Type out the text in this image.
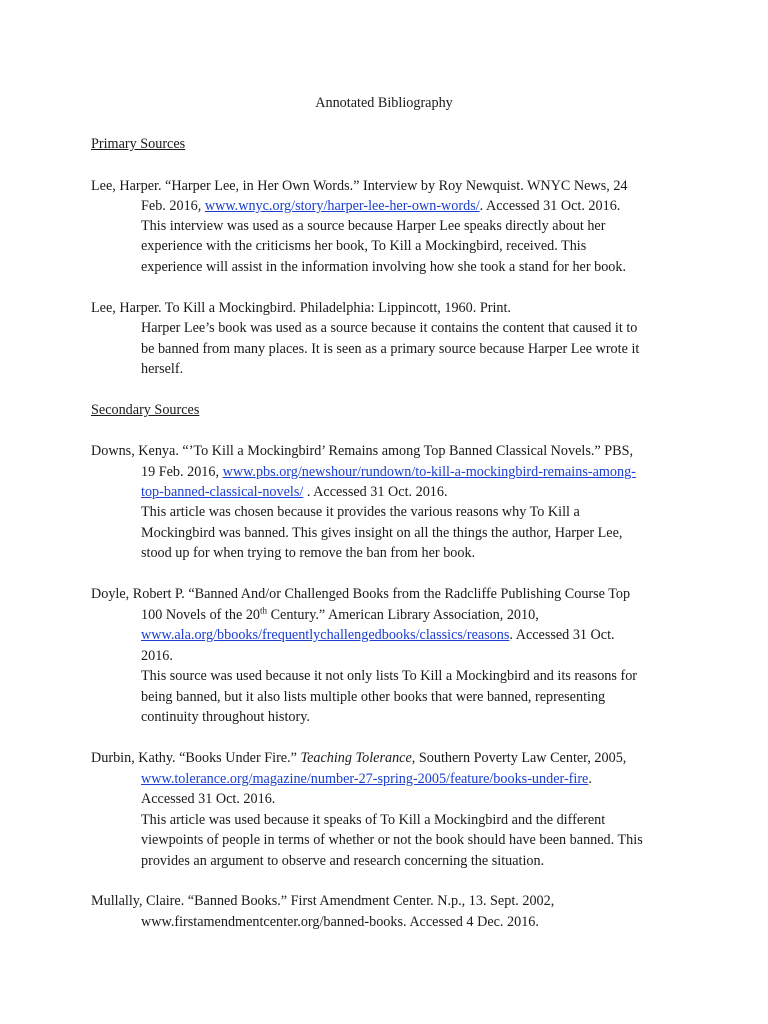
Annotated Bibliography
Primary Sources
Lee, Harper. “Harper Lee, in Her Own Words.” Interview by Roy Newquist. WNYC News, 24
Feb. 2016, www.wnyc.org/story/harper-lee-her-own-words/. Accessed 31 Oct. 2016.
This interview was used as a source because Harper Lee speaks directly about her
experience with the criticisms her book, To Kill a Mockingbird, received. This
experience will assist in the information involving how she took a stand for her book.
Lee, Harper. To Kill a Mockingbird. Philadelphia: Lippincott, 1960. Print.
Harper Lee’s book was used as a source because it contains the content that caused it to
be banned from many places. It is seen as a primary source because Harper Lee wrote it
herself.
Secondary Sources
Downs, Kenya. “’To Kill a Mockingbird’ Remains among Top Banned Classical Novels.” PBS,
19 Feb. 2016, www.pbs.org/newshour/rundown/to-kill-a-mockingbird-remains-among-
top-banned-classical-novels/ . Accessed 31 Oct. 2016.
This article was chosen because it provides the various reasons why To Kill a
Mockingbird was banned. This gives insight on all the things the author, Harper Lee,
stood up for when trying to remove the ban from her book.
Doyle, Robert P. “Banned And/or Challenged Books from the Radcliffe Publishing Course Top
100 Novels of the 20th Century.” American Library Association, 2010,
www.ala.org/bbooks/frequentlychallengedbooks/classics/reasons. Accessed 31 Oct.
2016.
This source was used because it not only lists To Kill a Mockingbird and its reasons for
being banned, but it also lists multiple other books that were banned, representing
continuity throughout history.
Durbin, Kathy. “Books Under Fire.” Teaching Tolerance, Southern Poverty Law Center, 2005,
www.tolerance.org/magazine/number-27-spring-2005/feature/books-under-fire.
Accessed 31 Oct. 2016.
This article was used because it speaks of To Kill a Mockingbird and the different
viewpoints of people in terms of whether or not the book should have been banned. This
provides an argument to observe and research concerning the situation.
Mullally, Claire. “Banned Books.” First Amendment Center. N.p., 13. Sept. 2002,
www.firstamendmentcenter.org/banned-books. Accessed 4 Dec. 2016.
